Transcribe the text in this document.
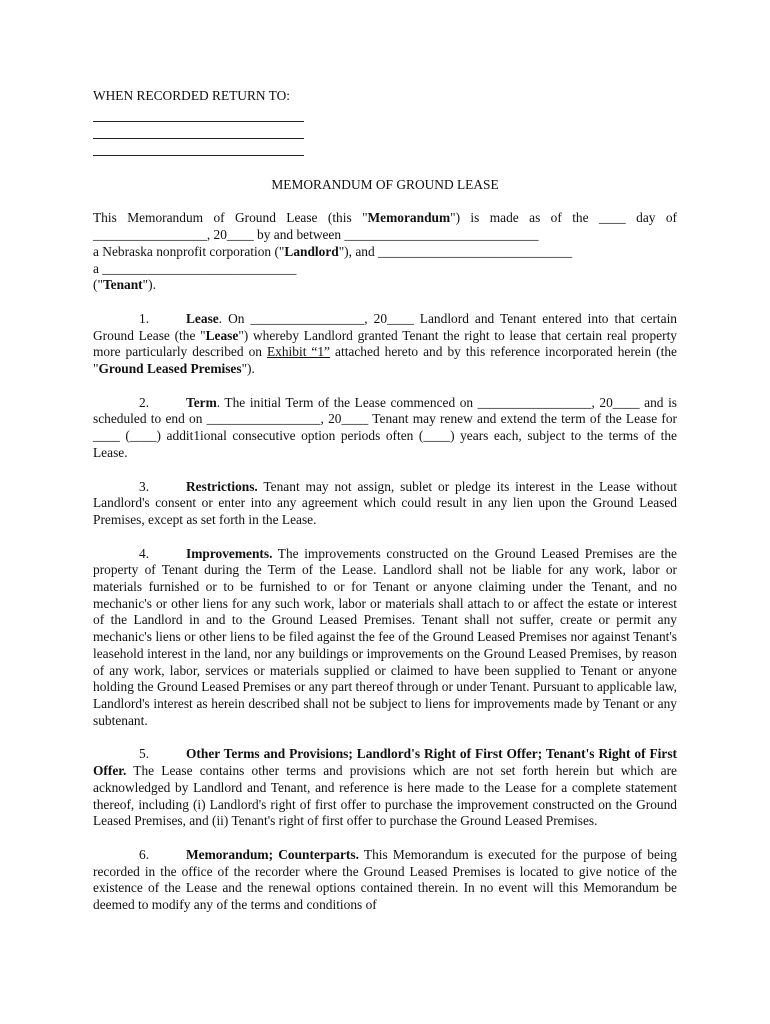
WHEN RECORDED RETURN TO:
MEMORANDUM OF GROUND LEASE
This Memorandum of Ground Lease (this "Memorandum") is made as of the ____ day of
_________________, 20____ by and between _____________________________
a Nebraska nonprofit corporation ("Landlord"), and _____________________________
a _____________________________
("Tenant").
1.	Lease. On _________________, 20____ Landlord and Tenant entered into that certain Ground Lease (the "Lease") whereby Landlord granted Tenant the right to lease that certain real property more particularly described on Exhibit “1” attached hereto and by this reference incorporated herein (the "Ground Leased Premises").
2.	Term. The initial Term of the Lease commenced on _________________, 20____ and is scheduled to end on _________________, 20____ Tenant may renew and extend the term of the Lease for ____ (____) addit1ional consecutive option periods often (____) years each, subject to the terms of the Lease.
3.	Restrictions. Tenant may not assign, sublet or pledge its interest in the Lease without Landlord's consent or enter into any agreement which could result in any lien upon the Ground Leased Premises, except as set forth in the Lease.
4.	Improvements. The improvements constructed on the Ground Leased Premises are the property of Tenant during the Term of the Lease. Landlord shall not be liable for any work, labor or materials furnished or to be furnished to or for Tenant or anyone claiming under the Tenant, and no mechanic's or other liens for any such work, labor or materials shall attach to or affect the estate or interest of the Landlord in and to the Ground Leased Premises. Tenant shall not suffer, create or permit any mechanic's liens or other liens to be filed against the fee of the Ground Leased Premises nor against Tenant's leasehold interest in the land, nor any buildings or improvements on the Ground Leased Premises, by reason of any work, labor, services or materials supplied or claimed to have been supplied to Tenant or anyone holding the Ground Leased Premises or any part thereof through or under Tenant. Pursuant to applicable law, Landlord's interest as herein described shall not be subject to liens for improvements made by Tenant or any subtenant.
5.	Other Terms and Provisions; Landlord's Right of First Offer; Tenant's Right of First Offer. The Lease contains other terms and provisions which are not set forth herein but which are acknowledged by Landlord and Tenant, and reference is here made to the Lease for a complete statement thereof, including (i) Landlord's right of first offer to purchase the improvement constructed on the Ground Leased Premises, and (ii) Tenant's right of first offer to purchase the Ground Leased Premises.
6.	Memorandum; Counterparts. This Memorandum is executed for the purpose of being recorded in the office of the recorder where the Ground Leased Premises is located to give notice of the existence of the Lease and the renewal options contained therein. In no event will this Memorandum be deemed to modify any of the terms and conditions of
